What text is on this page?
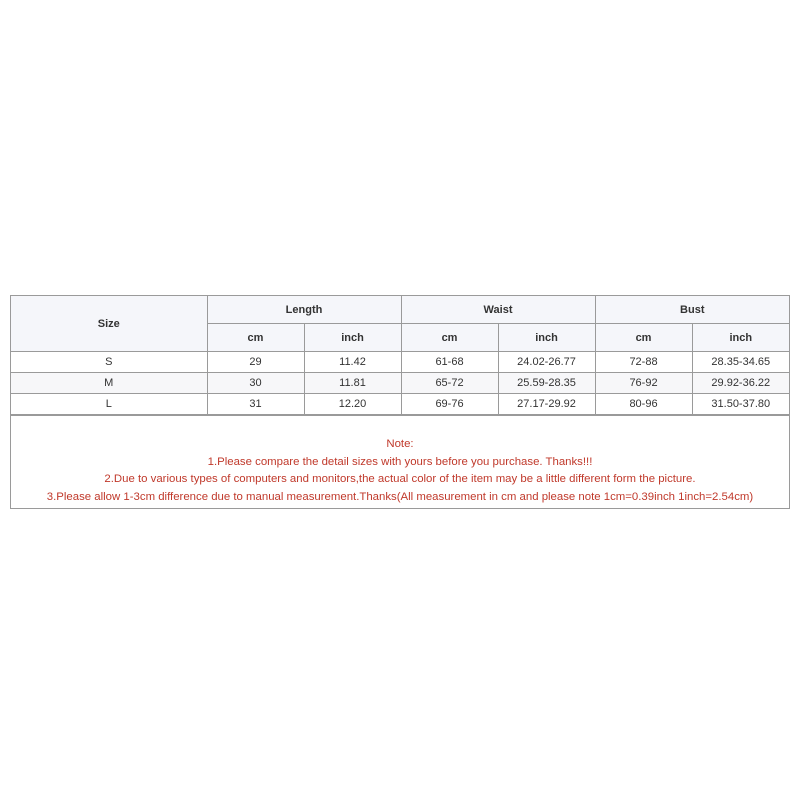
Size	Length		Waist		Bust	
	cm	inch	cm	inch	cm	inch
S	29	11.42	61-68	24.02-26.77	72-88	28.35-34.65
M	30	11.81	65-72	25.59-28.35	76-92	29.92-36.22
L	31	12.20	69-76	27.17-29.92	80-96	31.50-37.80
Note:
1.Please compare the detail sizes with yours before you purchase. Thanks!!!
2.Due to various types of computers and monitors,the actual color of the item may be a little different form the picture.
3.Please allow 1-3cm difference due to manual measurement.Thanks(All measurement in cm and please note 1cm=0.39inch 1inch=2.54cm)
